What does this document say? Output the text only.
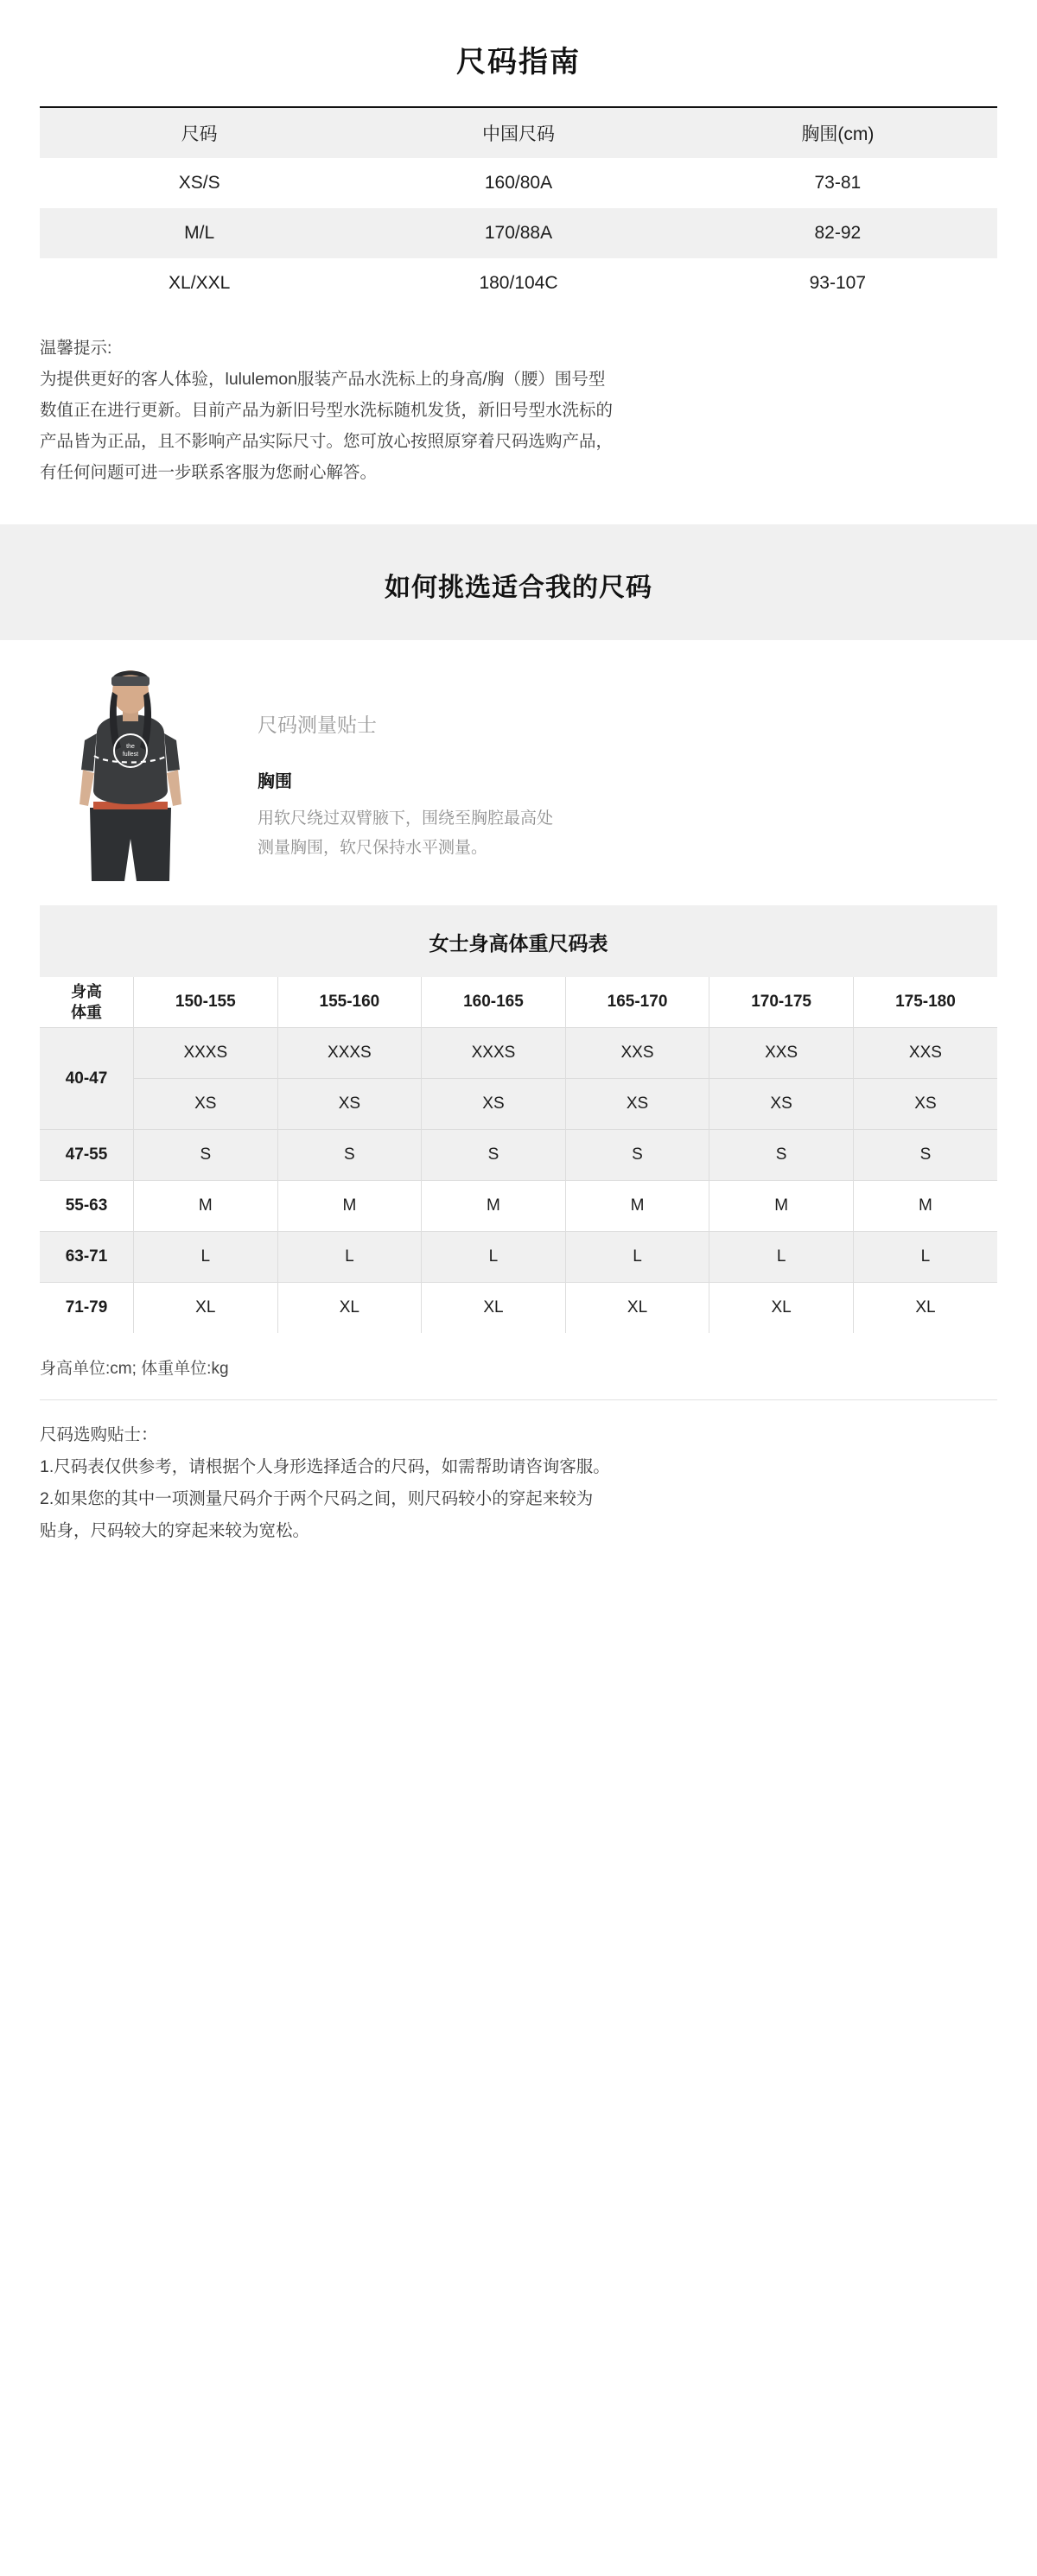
尺码指南
尺码	中国尺码	胸围(cm)
XS/S	160/80A	73-81
M/L	170/88A	82-92
XL/XXL	180/104C	93-107
温馨提示:
为提供更好的客人体验，lululemon服装产品水洗标上的身高/胸（腰）围号型
数值正在进行更新。目前产品为新旧号型水洗标随机发货，新旧号型水洗标的
产品皆为正品，且不影响产品实际尺寸。您可放心按照原穿着尺码选购产品，
有任何问题可进一步联系客服为您耐心解答。
如何挑选适合我的尺码
the
fullest
尺码测量贴士
胸围
用软尺绕过双臂腋下，围绕至胸腔最高处
测量胸围，软尺保持水平测量。
女士身高体重尺码表
身高
体重	150-155	155-160	160-165	165-170	170-175	175-180
40-47	XXXS	XXXS	XXXS	XXS	XXS	XXS
	XS	XS	XS	XS	XS	XS
47-55	S	S	S	S	S	S
55-63	M	M	M	M	M	M
63-71	L	L	L	L	L	L
71-79	XL	XL	XL	XL	XL	XL
身高单位:cm; 体重单位:kg
尺码选购贴士：
1.尺码表仅供参考，请根据个人身形选择适合的尺码，如需帮助请咨询客服。
2.如果您的其中一项测量尺码介于两个尺码之间，则尺码较小的穿起来较为
贴身，尺码较大的穿起来较为宽松。
